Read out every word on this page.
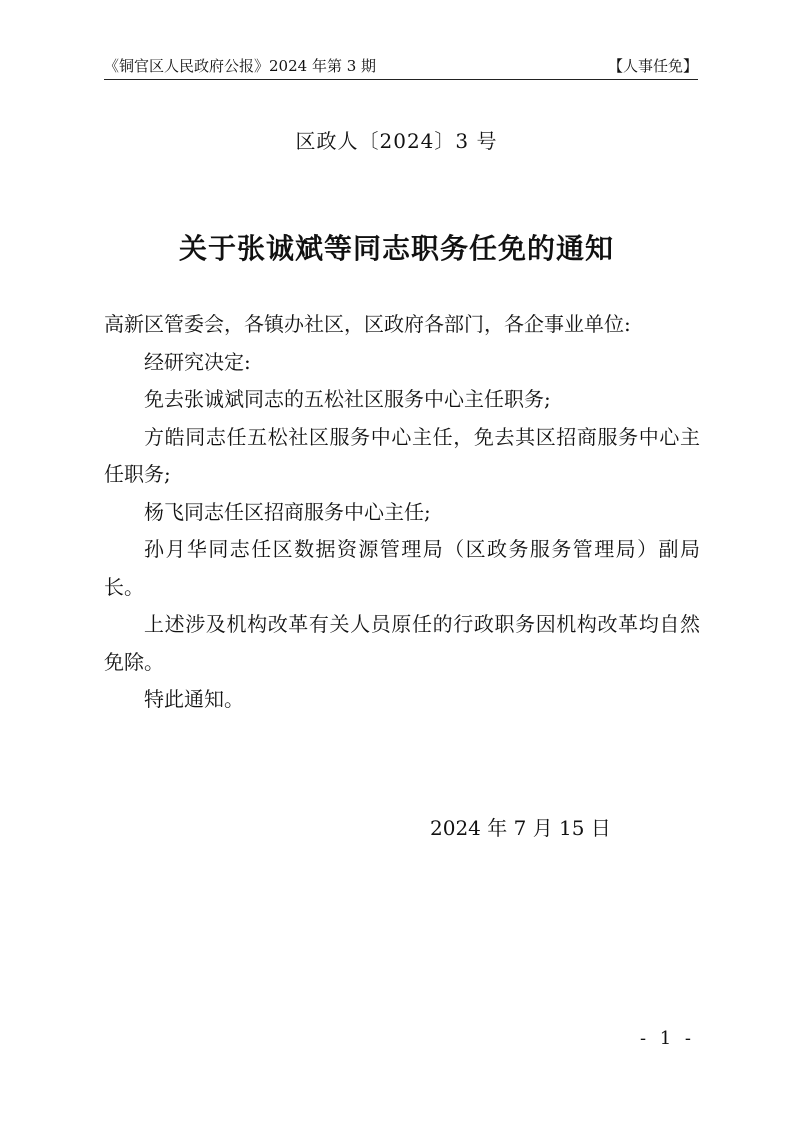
《铜官区人民政府公报》2024 年第 3 期	【人事任免】
区政人〔2024〕3 号
关于张诚斌等同志职务任免的通知

高新区管委会，各镇办社区，区政府各部门，各企事业单位:

经研究决定:

免去张诚斌同志的五松社区服务中心主任职务;

方皓同志任五松社区服务中心主任，免去其区招商服务中心主任职务;

杨飞同志任区招商服务中心主任;

孙月华同志任区数据资源管理局（区政务服务管理局）副局长。

上述涉及机构改革有关人员原任的行政职务因机构改革均自然免除。

特此通知。

2024 年 7 月 15 日
- 1 -
